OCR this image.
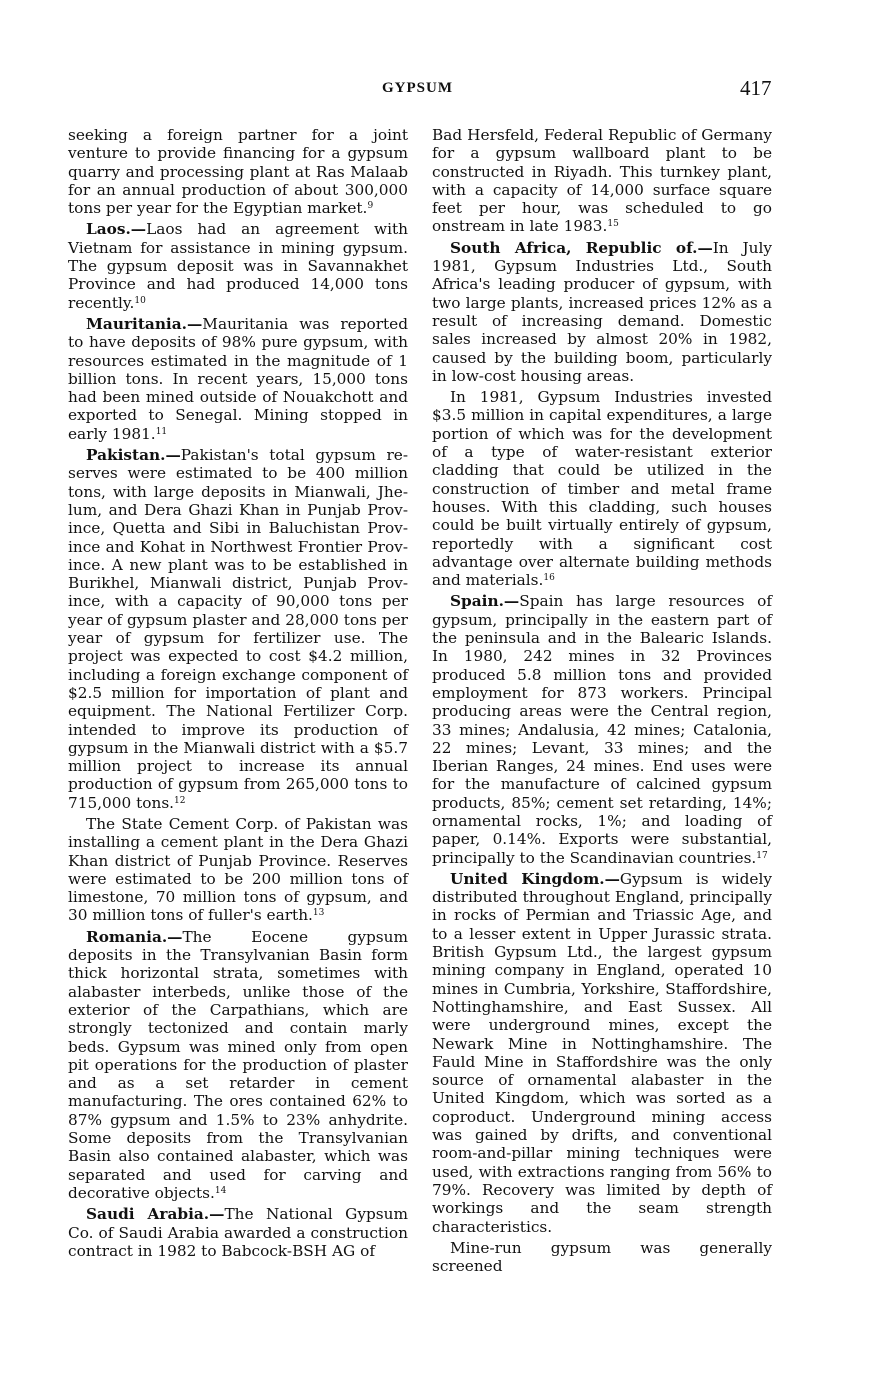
GYPSUM	417

seeking a foreign partner for a joint venture to provide financing for a gypsum quarry and processing plant at Ras Malaab for an annual production of about 300,000 tons per year for the Egyptian market.$^9$

Laos.—Laos had an agreement with Vietnam for assistance in mining gypsum. The gypsum deposit was in Savannakhet Province and had produced 14,000 tons recently.$^{10}$

Mauritania.—Mauritania was reported to have deposits of 98% pure gypsum, with resources estimated in the magnitude of 1 billion tons. In recent years, 15,000 tons had been mined outside of Nouakchott and exported to Senegal. Mining stopped in early 1981.11

Pakistan.—Pakistan's total gypsum reserves were estimated to be 400 million tons, with large deposits in Mianwali, Jhelum, and Dera Ghazi Khan in Punjab Province, Quetta and Sibi in Baluchistan Province and Kohat in Northwest Frontier Province. A new plant was to be established in Burikhel, Mianwali district, Punjab Province, with a capacity of 90,000 tons per year of gypsum plaster and 28,000 tons per year of gypsum for fertilizer use. The project was expected to cost $4.2 million, including a foreign exchange component of $2.5 million for importation of plant and equipment. The National Fertilizer Corp. intended to improve its production of gypsum in the Mianwali district with a $5.7 million project to increase its annual production of gypsum from 265,000 tons to 715,000 tons.$^{12}$

The State Cement Corp. of Pakistan was installing a cement plant in the Dera Ghazi Khan district of Punjab Province. Reserves were estimated to be 200 million tons of limestone, 70 million tons of gypsum, and 30 million tons of fuller's earth.$^{13}$

Romania.—The Eocene gypsum deposits in the Transylvanian Basin form thick horizontal strata, sometimes with alabaster interbeds, unlike those of the exterior of the Carpathians, which are strongly tectonized and contain marly beds. Gypsum was mined only from open pit operations for the production of plaster and as a set retarder in cement manufacturing. The ores contained 62% to 87% gypsum and 1.5% to 23% anhydrite. Some deposits from the Transylvanian Basin also contained alabaster, which was separated and used for carving and decorative objects.$^{14}$

Saudi Arabia.—The National Gypsum Co. of Saudi Arabia awarded a construction contract in 1982 to Babcock-BSH AG of

Bad Hersfeld, Federal Republic of Germany for a gypsum wallboard plant to be constructed in Riyadh. This turnkey plant, with a capacity of 14,000 surface square feet per hour, was scheduled to go onstream in late 1983.15

South Africa, Republic of.—In July 1981, Gypsum Industries Ltd., South Africa's leading producer of gypsum, with two large plants, increased prices 12% as a result of increasing demand. Domestic sales increased by almost 20% in 1982, caused by the building boom, particularly in low-cost housing areas.

In 1981, Gypsum Industries invested $3.5 million in capital expenditures, a large portion of which was for the development of a type of water-resistant exterior cladding that could be utilized in the construction of timber and metal frame houses. With this cladding, such houses could be built virtually entirely of gypsum, reportedly with a significant cost advantage over alternate building methods and materials.$^{16}$

Spain.—Spain has large resources of gypsum, principally in the eastern part of the peninsula and in the Balearic Islands. In 1980, 242 mines in 32 Provinces produced 5.8 million tons and provided employment for 873 workers. Principal producing areas were the Central region, 33 mines; Andalusia, 42 mines; Catalonia, 22 mines; Levant, 33 mines; and the Iberian Ranges, 24 mines. End uses were for the manufacture of calcined gypsum products, 85%; cement set retarding, 14%; ornamental rocks, 1%; and loading of paper, 0.14%. Exports were substantial, principally to the Scandinavian countries.$^{17}$

United Kingdom.—Gypsum is widely distributed throughout England, principally in rocks of Permian and Triassic Age, and to a lesser extent in Upper Jurassic strata. British Gypsum Ltd., the largest gypsum mining company in England, operated 10 mines in Cumbria, Yorkshire, Staffordshire, Nottinghamshire, and East Sussex. All were underground mines, except the Newark Mine in Nottinghamshire. The Fauld Mine in Staffordshire was the only source of ornamental alabaster in the United Kingdom, which was sorted as a coproduct. Underground mining access was gained by drifts, and conventional room-and-pillar mining techniques were used, with extractions ranging from 56% to 79%. Recovery was limited by depth of workings and the seam strength characteristics.

Mine-run gypsum was generally screened
